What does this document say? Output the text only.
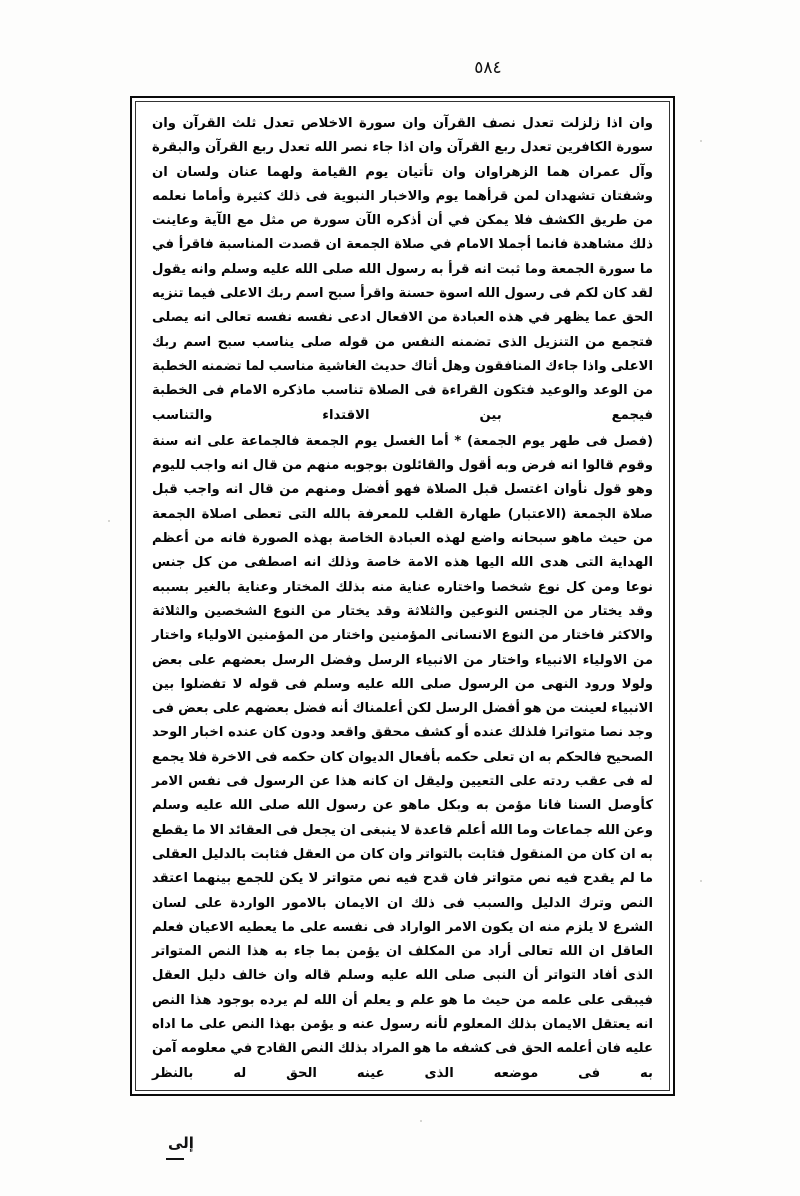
٥٨٤

وان اذا زلزلت تعدل نصف القرآن وان سورة الاخلاص تعدل ثلث القرآن وان سورة الكافرين تعدل ربع القرآن وان اذا جاء نصر الله تعدل ربع القرآن والبقرة وآل عمران هما الزهراوان وان تأتيان يوم القيامة ولهما عنان ولسان ان وشفتان تشهدان لمن قرأهما يوم والاخبار النبوية فى ذلك كثيرة وأماما نعلمه من طريق الكشف فلا يمكن في أن أذكره الآن سورة ص مثل مع الآية وعاينت ذلك مشاهدة فانما أجملا الامام في صلاة الجمعة ان قصدت المناسبة فاقرأ في ما سورة الجمعة وما ثبت انه قرأ به رسول الله صلى الله عليه وسلم وانه يقول لقد كان لكم فى رسول الله اسوة حسنة واقرأ سبح اسم ربك الاعلى فيما تنزيه الحق عما يظهر في هذه العبادة من الافعال ادعى نفسه نفسه تعالى انه يصلى فتجمع من التنزيل الذى تضمنه النفس من قوله صلى يناسب سبح اسم ربك الاعلى واذا جاءك المنافقون وهل أتاك حديث الغاشية مناسب لما تضمنه الخطبة من الوعد والوعيد فتكون القراءة فى الصلاة تناسب ماذكره الامام فى الخطبة فيجمع بين الاقتداء والتناسب

(فصل فى طهر يوم الجمعة) * أما الغسل يوم الجمعة فالجماعة على انه سنة وقوم قالوا انه فرض وبه أقول والقائلون بوجوبه منهم من قال انه واجب لليوم وهو قول نأوان اغتسل قبل الصلاة فهو أفضل ومنهم من قال انه واجب قبل صلاة الجمعة (الاعتبار) طهارة القلب للمعرفة بالله التى تعطى اصلاة الجمعة من حيث ماهو سبحانه واضع لهذه العبادة الخاصة بهذه الصورة فانه من أعظم الهداية التى هدى الله اليها هذه الامة خاصة وذلك انه اصطفى من كل جنس نوعا ومن كل نوع شخصا واختاره عناية منه بذلك المختار وعناية بالغير بسببه وقد يختار من الجنس النوعين والثلاثة وقد يختار من النوع الشخصين والثلاثة والاكثر فاختار من النوع الانسانى المؤمنين واختار من المؤمنين الاولياء واختار من الاولياء الانبياء واختار من الانبياء الرسل وفضل الرسل بعضهم على بعض ولولا ورود النهى من الرسول صلى الله عليه وسلم فى قوله لا تفضلوا بين الانبياء لعينت من هو أفضل الرسل لكن أعلمناك أنه فضل بعضهم على بعض فى وجد نصا متواترا فلذلك عنده أو كشف محقق واقعد ودون كان عنده اخبار الوحد الصحيح فالحكم به ان تعلى حكمه بأفعال الديوان كان حكمه فى الاخرة فلا يجمع له فى عقب ردته على التعيين وليقل ان كانه هذا عن الرسول فى نفس الامر كأوصل السنا فانا مؤمن به وبكل ماهو عن رسول الله صلى الله عليه وسلم وعن الله جماعات وما الله أعلم قاعدة لا ينبغى ان يجعل فى العقائد الا ما يقطع به ان كان من المنقول فثابت بالتواتر وان كان من العقل فثابت بالدليل العقلى ما لم يقدح فيه نص متواتر فان قدح فيه نص متواتر لا يكن للجمع بينهما اعتقد النص وترك الدليل والسبب فى ذلك ان الايمان بالامور الواردة على لسان الشرع لا يلزم منه ان يكون الامر الواراد فى نفسه على ما يعطيه الاعيان فعلم العاقل ان الله تعالى أراد من المكلف ان يؤمن بما جاء به هذا النص المتواتر الذى أفاد التواتر أن النبى صلى الله عليه وسلم قاله وان خالف دليل العقل فيبقى على علمه من حيث ما هو علم و يعلم أن الله لم يرده بوجود هذا النص انه يعتقل الايمان بذلك المعلوم لأنه رسول عنه و يؤمن بهذا النص على ما اداه عليه فان أعلمه الحق فى كشفه ما هو المراد بذلك النص القادح في معلومه آمن به فى موضعه الذى عينه الحق له بالنظر

إلى
